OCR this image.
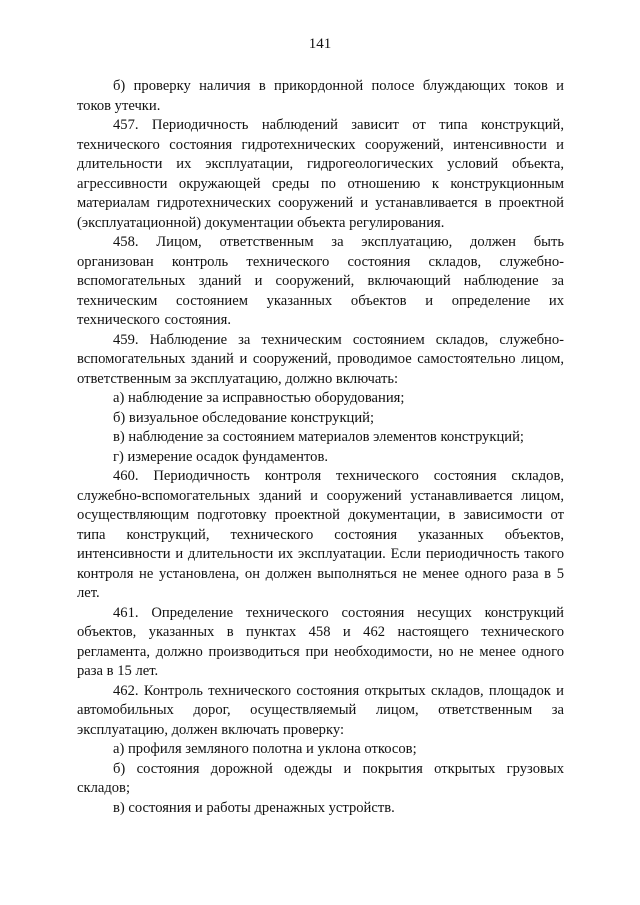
141

б) проверку наличия в прикордонной полосе блуждающих токов и токов утечки.

457. Периодичность наблюдений зависит от типа конструкций, технического состояния гидротехнических сооружений, интенсивности и длительности их эксплуатации, гидрогеологических условий объекта, агрессивности окружающей среды по отношению к конструкционным материалам гидротехнических сооружений и устанавливается в проектной (эксплуатационной) документации объекта регулирования.

458. Лицом, ответственным за эксплуатацию, должен быть организован контроль технического состояния складов, служебно-вспомогательных зданий и сооружений, включающий наблюдение за техническим состоянием указанных объектов и определение их технического состояния.

459. Наблюдение за техническим состоянием складов, служебно-вспомогательных зданий и сооружений, проводимое самостоятельно лицом, ответственным за эксплуатацию, должно включать:

а) наблюдение за исправностью оборудования;

б) визуальное обследование конструкций;

в) наблюдение за состоянием материалов элементов конструкций;

г) измерение осадок фундаментов.

460. Периодичность контроля технического состояния складов, служебно-вспомогательных зданий и сооружений устанавливается лицом, осуществляющим подготовку проектной документации, в зависимости от типа конструкций, технического состояния указанных объектов, интенсивности и длительности их эксплуатации. Если периодичность такого контроля не установлена, он должен выполняться не менее одного раза в 5 лет.

461. Определение технического состояния несущих конструкций объектов, указанных в пунктах 458 и 462 настоящего технического регламента, должно производиться при необходимости, но не менее одного раза в 15 лет.

462. Контроль технического состояния открытых складов, площадок и автомобильных дорог, осуществляемый лицом, ответственным за эксплуатацию, должен включать проверку:

а) профиля земляного полотна и уклона откосов;

б) состояния дорожной одежды и покрытия открытых грузовых складов;

в) состояния и работы дренажных устройств.
